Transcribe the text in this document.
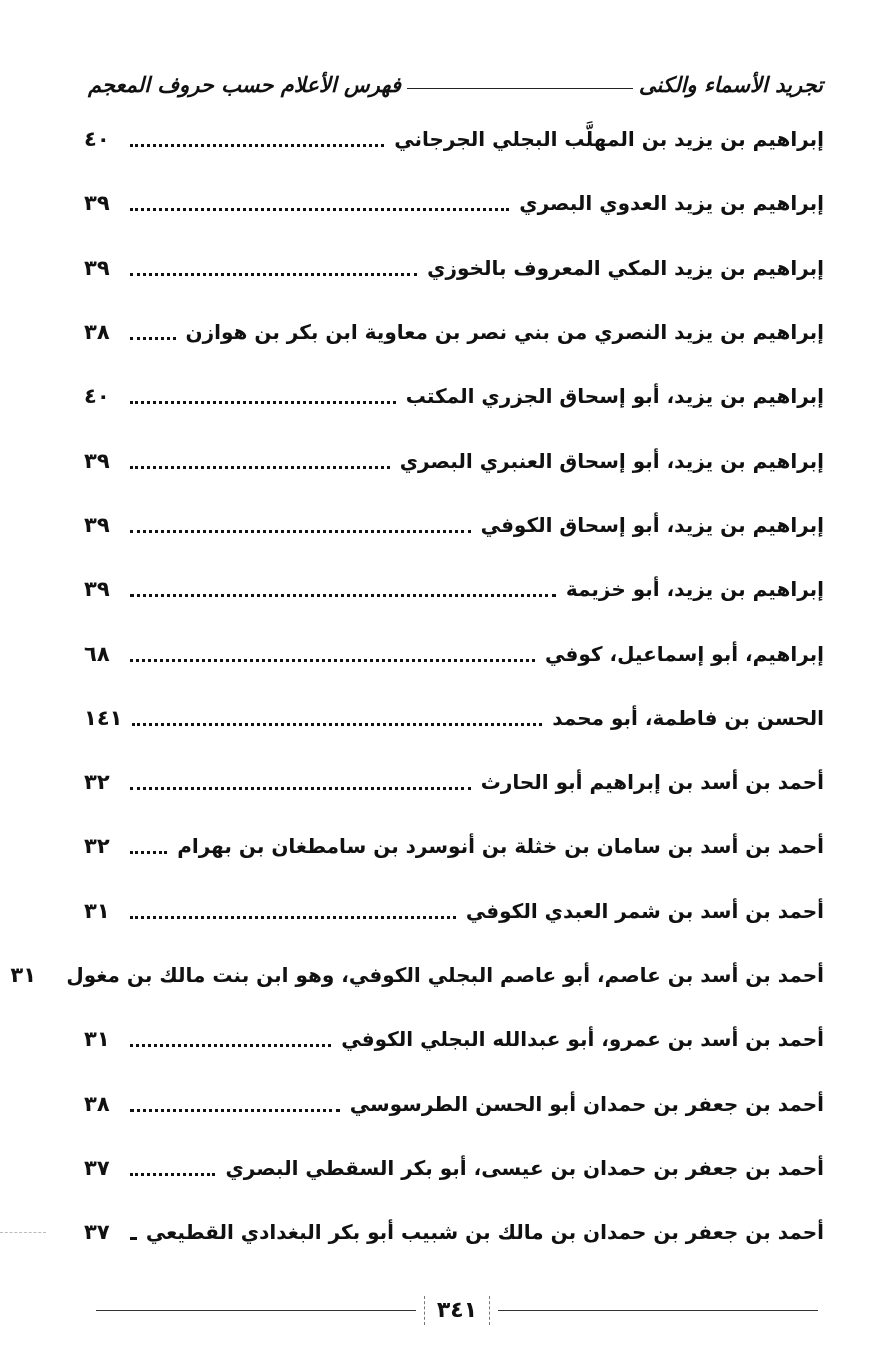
تجريد الأسماء والكنى
فهرس الأعلام حسب حروف المعجم
إبراهيم بن يزيد بن المهلَّب البجلي الجرجاني
٤٠
إبراهيم بن يزيد العدوي البصري
٣٩
إبراهيم بن يزيد المكي المعروف بالخوزي
٣٩
إبراهيم بن يزيد النصري من بني نصر بن معاوية ابن بكر بن هوازن
٣٨
إبراهيم بن يزيد، أبو إسحاق الجزري المكتب
٤٠
إبراهيم بن يزيد، أبو إسحاق العنبري البصري
٣٩
إبراهيم بن يزيد، أبو إسحاق الكوفي
٣٩
إبراهيم بن يزيد، أبو خزيمة
٣٩
إبراهيم، أبو إسماعيل، كوفي
٦٨
الحسن بن فاطمة، أبو محمد
١٤١
أحمد بن أسد بن إبراهيم أبو الحارث
٣٢
أحمد بن أسد بن سامان بن خثلة بن أنوسرد بن سامطغان بن بهرام
٣٢
أحمد بن أسد بن شمر العبدي الكوفي
٣١
أحمد بن أسد بن عاصم، أبو عاصم البجلي الكوفي، وهو ابن بنت مالك بن مغول
٣١
أحمد بن أسد بن عمرو، أبو عبدالله البجلي الكوفي
٣١
أحمد بن جعفر بن حمدان أبو الحسن الطرسوسي
٣٨
أحمد بن جعفر بن حمدان بن عيسى، أبو بكر السقطي البصري
٣٧
أحمد بن جعفر بن حمدان بن مالك بن شبيب أبو بكر البغدادي القطيعي
٣٧
٣٤١
